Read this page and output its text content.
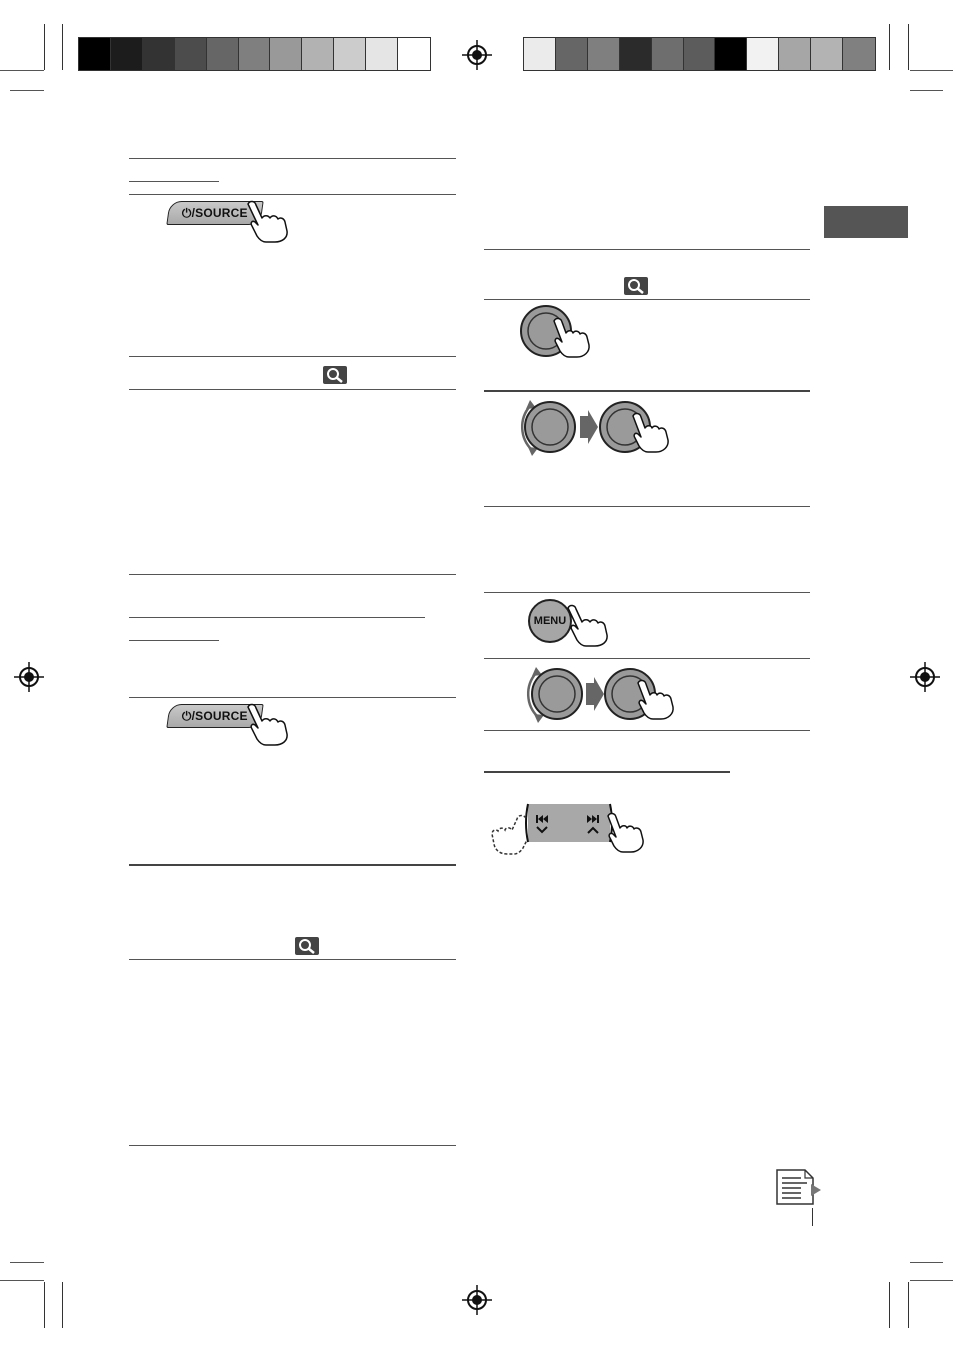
⏻/SOURCE
⏻/SOURCE
MENU
